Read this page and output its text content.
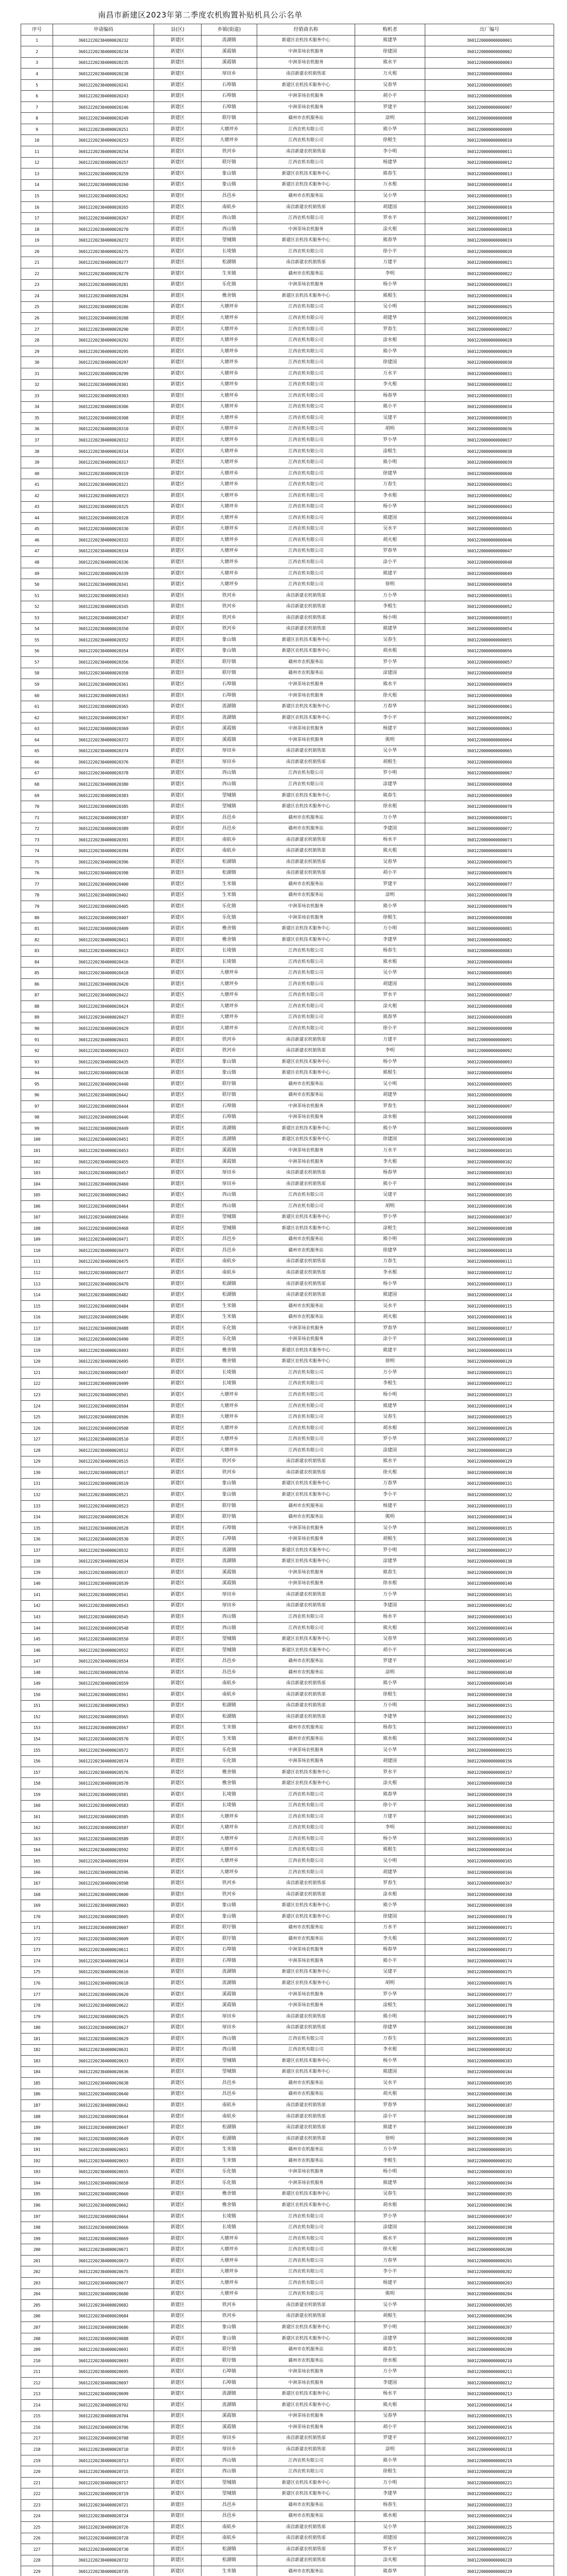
南昌市新建区2023年第二季度农机购置补贴机具公示名单
序号	申请编码	县(区)	乡镇(街道)	经销商名称	购机者	出厂编号
1	360122202304000020232	新建区	流湖镇	新建区农机技术服务中心	熊建华	3601220000000000001
2	360122202304000020234	新建区	溪霞镇	中洲茶场农机服务	徐建国	3601220000000000002
3	360122202304000020235	新建区	溪霞镇	中洲茶场农机服务	熊水平	3601220000000000003
4	360122202304000020238	新建区	厚田乡	南昌新建农机销售部	万火根	3601220000000000004
5	360122202304000020241	新建区	石埠镇	新建区农机技术服务中心	吴春华	3601220000000000005
6	360122202304000020243	新建区	石埠镇	中洲茶场农机服务	胡小平	3601220000000000006
7	360122202304000020246	新建区	石埠镇	中洲茶场农机服务	罗建平	3601220000000000007
8	360122202304000020249	新建区	联圩镇	赣州市农机服务站	涂明	3601220000000000008
9	360122202304000020251	新建区	大塘坪乡	江西农机有限公司	熊小华	3601220000000000009
10	360122202304000020253	新建区	大塘坪乡	江西农机有限公司	徐根生	3601220000000000010
11	360122202304000020254	新建区	铁河乡	南昌新建农机销售部	李小明	3601220000000000011
12	360122202304000020257	新建区	联圩镇	江西农机有限公司	杨建华	3601220000000000012
13	360122202304000020259	新建区	象山镇	新建区农机技术服务中心	熊春生	3601220000000000013
14	360122202304000020260	新建区	象山镇	新建区农机技术服务中心	万水根	3601220000000000014
15	360122202304000020262	新建区	昌邑乡	赣州市农机服务站	吴小华	3601220000000000015
16	360122202304000020265	新建区	南矶乡	南昌新建农机销售部	胡建国	3601220000000000016
17	360122202304000020267	新建区	西山镇	江西农机有限公司	罗水平	3601220000000000017
18	360122202304000020270	新建区	西山镇	中洲茶场农机服务	涂火根	3601220000000000018
19	360122202304000020272	新建区	望城镇	新建区农机技术服务中心	熊春华	3601220000000000019
20	360122202304000020275	新建区	长堎镇	江西农机有限公司	徐小平	3601220000000000020
21	360122202304000020277	新建区	松湖镇	南昌新建农机销售部	万建平	3601220000000000021
22	360122202304000020279	新建区	生米镇	赣州市农机服务站	李明	3601220000000000022
23	360122202304000020281	新建区	乐化镇	中洲茶场农机服务	杨小华	3601220000000000023
24	360122202304000020284	新建区	樵舍镇	新建区农机技术服务中心	熊根生	3601220000000000024
25	360122202304000020286	新建区	大塘坪乡	江西农机有限公司	吴小明	3601220000000000025
26	360122202304000020288	新建区	大塘坪乡	江西农机有限公司	胡建华	3601220000000000026
27	360122202304000020290	新建区	大塘坪乡	江西农机有限公司	罗春生	3601220000000000027
28	360122202304000020292	新建区	大塘坪乡	江西农机有限公司	涂水根	3601220000000000028
29	360122202304000020295	新建区	大塘坪乡	江西农机有限公司	熊小华	3601220000000000029
30	360122202304000020297	新建区	大塘坪乡	江西农机有限公司	徐建国	3601220000000000030
31	360122202304000020299	新建区	大塘坪乡	江西农机有限公司	万水平	3601220000000000031
32	360122202304000020301	新建区	大塘坪乡	江西农机有限公司	李火根	3601220000000000032
33	360122202304000020303	新建区	大塘坪乡	江西农机有限公司	杨春华	3601220000000000033
34	360122202304000020306	新建区	大塘坪乡	江西农机有限公司	熊小平	3601220000000000034
35	360122202304000020308	新建区	大塘坪乡	江西农机有限公司	吴建平	3601220000000000035
36	360122202304000020310	新建区	大塘坪乡	江西农机有限公司	胡明	3601220000000000036
37	360122202304000020312	新建区	大塘坪乡	江西农机有限公司	罗小华	3601220000000000037
38	360122202304000020314	新建区	大塘坪乡	江西农机有限公司	涂根生	3601220000000000038
39	360122202304000020317	新建区	大塘坪乡	江西农机有限公司	熊小明	3601220000000000039
40	360122202304000020319	新建区	大塘坪乡	江西农机有限公司	徐建华	3601220000000000040
41	360122202304000020321	新建区	大塘坪乡	江西农机有限公司	万春生	3601220000000000041
42	360122202304000020323	新建区	大塘坪乡	江西农机有限公司	李水根	3601220000000000042
43	360122202304000020325	新建区	大塘坪乡	江西农机有限公司	杨小华	3601220000000000043
44	360122202304000020328	新建区	大塘坪乡	江西农机有限公司	熊建国	3601220000000000044
45	360122202304000020330	新建区	大塘坪乡	江西农机有限公司	吴水平	3601220000000000045
46	360122202304000020332	新建区	大塘坪乡	江西农机有限公司	胡火根	3601220000000000046
47	360122202304000020334	新建区	大塘坪乡	江西农机有限公司	罗春华	3601220000000000047
48	360122202304000020336	新建区	大塘坪乡	江西农机有限公司	涂小平	3601220000000000048
49	360122202304000020339	新建区	大塘坪乡	江西农机有限公司	熊建平	3601220000000000049
50	360122202304000020341	新建区	大塘坪乡	江西农机有限公司	徐明	3601220000000000050
51	360122202304000020343	新建区	铁河乡	南昌新建农机销售部	万小华	3601220000000000051
52	360122202304000020345	新建区	铁河乡	南昌新建农机销售部	李根生	3601220000000000052
53	360122202304000020347	新建区	铁河乡	南昌新建农机销售部	杨小明	3601220000000000053
54	360122202304000020350	新建区	铁河乡	南昌新建农机销售部	熊建华	3601220000000000054
55	360122202304000020352	新建区	象山镇	新建区农机技术服务中心	吴春生	3601220000000000055
56	360122202304000020354	新建区	象山镇	新建区农机技术服务中心	胡水根	3601220000000000056
57	360122202304000020356	新建区	联圩镇	赣州市农机服务站	罗小华	3601220000000000057
58	360122202304000020358	新建区	联圩镇	赣州市农机服务站	涂建国	3601220000000000058
59	360122202304000020361	新建区	石埠镇	中洲茶场农机服务	熊水平	3601220000000000059
60	360122202304000020363	新建区	石埠镇	中洲茶场农机服务	徐火根	3601220000000000060
61	360122202304000020365	新建区	流湖镇	新建区农机技术服务中心	万春华	3601220000000000061
62	360122202304000020367	新建区	流湖镇	新建区农机技术服务中心	李小平	3601220000000000062
63	360122202304000020369	新建区	溪霞镇	中洲茶场农机服务	杨建平	3601220000000000063
64	360122202304000020372	新建区	溪霞镇	中洲茶场农机服务	熊明	3601220000000000064
65	360122202304000020374	新建区	厚田乡	南昌新建农机销售部	吴小华	3601220000000000065
66	360122202304000020376	新建区	厚田乡	南昌新建农机销售部	胡根生	3601220000000000066
67	360122202304000020378	新建区	西山镇	江西农机有限公司	罗小明	3601220000000000067
68	360122202304000020380	新建区	西山镇	江西农机有限公司	涂建华	3601220000000000068
69	360122202304000020383	新建区	望城镇	新建区农机技术服务中心	熊春生	3601220000000000069
70	360122202304000020385	新建区	望城镇	新建区农机技术服务中心	徐水根	3601220000000000070
71	360122202304000020387	新建区	昌邑乡	赣州市农机服务站	万小华	3601220000000000071
72	360122202304000020389	新建区	昌邑乡	赣州市农机服务站	李建国	3601220000000000072
73	360122202304000020391	新建区	南矶乡	南昌新建农机销售部	杨水平	3601220000000000073
74	360122202304000020394	新建区	南矶乡	南昌新建农机销售部	熊火根	3601220000000000074
75	360122202304000020396	新建区	松湖镇	南昌新建农机销售部	吴春华	3601220000000000075
76	360122202304000020398	新建区	松湖镇	南昌新建农机销售部	胡小平	3601220000000000076
77	360122202304000020400	新建区	生米镇	赣州市农机服务站	罗建平	3601220000000000077
78	360122202304000020402	新建区	生米镇	赣州市农机服务站	涂明	3601220000000000078
79	360122202304000020405	新建区	乐化镇	中洲茶场农机服务	熊小华	3601220000000000079
80	360122202304000020407	新建区	乐化镇	中洲茶场农机服务	徐根生	3601220000000000080
81	360122202304000020409	新建区	樵舍镇	新建区农机技术服务中心	万小明	3601220000000000081
82	360122202304000020411	新建区	樵舍镇	新建区农机技术服务中心	李建华	3601220000000000082
83	360122202304000020413	新建区	长堎镇	江西农机有限公司	杨春生	3601220000000000083
84	360122202304000020416	新建区	长堎镇	江西农机有限公司	熊水根	3601220000000000084
85	360122202304000020418	新建区	大塘坪乡	江西农机有限公司	吴小华	3601220000000000085
86	360122202304000020420	新建区	大塘坪乡	江西农机有限公司	胡建国	3601220000000000086
87	360122202304000020422	新建区	大塘坪乡	江西农机有限公司	罗水平	3601220000000000087
88	360122202304000020424	新建区	大塘坪乡	江西农机有限公司	涂火根	3601220000000000088
89	360122202304000020427	新建区	大塘坪乡	江西农机有限公司	熊春华	3601220000000000089
90	360122202304000020429	新建区	大塘坪乡	江西农机有限公司	徐小平	3601220000000000090
91	360122202304000020431	新建区	铁河乡	南昌新建农机销售部	万建平	3601220000000000091
92	360122202304000020433	新建区	铁河乡	南昌新建农机销售部	李明	3601220000000000092
93	360122202304000020435	新建区	象山镇	新建区农机技术服务中心	杨小华	3601220000000000093
94	360122202304000020438	新建区	象山镇	新建区农机技术服务中心	熊根生	3601220000000000094
95	360122202304000020440	新建区	联圩镇	赣州市农机服务站	吴小明	3601220000000000095
96	360122202304000020442	新建区	联圩镇	赣州市农机服务站	胡建华	3601220000000000096
97	360122202304000020444	新建区	石埠镇	中洲茶场农机服务	罗春生	3601220000000000097
98	360122202304000020446	新建区	石埠镇	中洲茶场农机服务	涂水根	3601220000000000098
99	360122202304000020449	新建区	流湖镇	新建区农机技术服务中心	熊小华	3601220000000000099
100	360122202304000020451	新建区	流湖镇	新建区农机技术服务中心	徐建国	3601220000000000100
101	360122202304000020453	新建区	溪霞镇	中洲茶场农机服务	万水平	3601220000000000101
102	360122202304000020455	新建区	溪霞镇	中洲茶场农机服务	李火根	3601220000000000102
103	360122202304000020457	新建区	厚田乡	南昌新建农机销售部	杨春华	3601220000000000103
104	360122202304000020460	新建区	厚田乡	南昌新建农机销售部	熊小平	3601220000000000104
105	360122202304000020462	新建区	西山镇	江西农机有限公司	吴建平	3601220000000000105
106	360122202304000020464	新建区	西山镇	江西农机有限公司	胡明	3601220000000000106
107	360122202304000020466	新建区	望城镇	新建区农机技术服务中心	罗小华	3601220000000000107
108	360122202304000020468	新建区	望城镇	新建区农机技术服务中心	涂根生	3601220000000000108
109	360122202304000020471	新建区	昌邑乡	赣州市农机服务站	熊小明	3601220000000000109
110	360122202304000020473	新建区	昌邑乡	赣州市农机服务站	徐建华	3601220000000000110
111	360122202304000020475	新建区	南矶乡	南昌新建农机销售部	万春生	3601220000000000111
112	360122202304000020477	新建区	南矶乡	南昌新建农机销售部	李水根	3601220000000000112
113	360122202304000020479	新建区	松湖镇	南昌新建农机销售部	杨小华	3601220000000000113
114	360122202304000020482	新建区	松湖镇	南昌新建农机销售部	熊建国	3601220000000000114
115	360122202304000020484	新建区	生米镇	赣州市农机服务站	吴水平	3601220000000000115
116	360122202304000020486	新建区	生米镇	赣州市农机服务站	胡火根	3601220000000000116
117	360122202304000020488	新建区	乐化镇	中洲茶场农机服务	罗春华	3601220000000000117
118	360122202304000020490	新建区	乐化镇	中洲茶场农机服务	涂小平	3601220000000000118
119	360122202304000020493	新建区	樵舍镇	新建区农机技术服务中心	熊建平	3601220000000000119
120	360122202304000020495	新建区	樵舍镇	新建区农机技术服务中心	徐明	3601220000000000120
121	360122202304000020497	新建区	长堎镇	江西农机有限公司	万小华	3601220000000000121
122	360122202304000020499	新建区	长堎镇	江西农机有限公司	李根生	3601220000000000122
123	360122202304000020501	新建区	大塘坪乡	江西农机有限公司	杨小明	3601220000000000123
124	360122202304000020504	新建区	大塘坪乡	江西农机有限公司	熊建华	3601220000000000124
125	360122202304000020506	新建区	大塘坪乡	江西农机有限公司	吴春生	3601220000000000125
126	360122202304000020508	新建区	大塘坪乡	江西农机有限公司	胡水根	3601220000000000126
127	360122202304000020510	新建区	大塘坪乡	江西农机有限公司	罗小华	3601220000000000127
128	360122202304000020512	新建区	大塘坪乡	江西农机有限公司	涂建国	3601220000000000128
129	360122202304000020515	新建区	铁河乡	南昌新建农机销售部	熊水平	3601220000000000129
130	360122202304000020517	新建区	铁河乡	南昌新建农机销售部	徐火根	3601220000000000130
131	360122202304000020519	新建区	象山镇	新建区农机技术服务中心	万春华	3601220000000000131
132	360122202304000020521	新建区	象山镇	新建区农机技术服务中心	李小平	3601220000000000132
133	360122202304000020523	新建区	联圩镇	赣州市农机服务站	杨建平	3601220000000000133
134	360122202304000020526	新建区	联圩镇	赣州市农机服务站	熊明	3601220000000000134
135	360122202304000020528	新建区	石埠镇	中洲茶场农机服务	吴小华	3601220000000000135
136	360122202304000020530	新建区	石埠镇	中洲茶场农机服务	胡根生	3601220000000000136
137	360122202304000020532	新建区	流湖镇	新建区农机技术服务中心	罗小明	3601220000000000137
138	360122202304000020534	新建区	流湖镇	新建区农机技术服务中心	涂建华	3601220000000000138
139	360122202304000020537	新建区	溪霞镇	中洲茶场农机服务	熊春生	3601220000000000139
140	360122202304000020539	新建区	溪霞镇	中洲茶场农机服务	徐水根	3601220000000000140
141	360122202304000020541	新建区	厚田乡	南昌新建农机销售部	万小华	3601220000000000141
142	360122202304000020543	新建区	厚田乡	南昌新建农机销售部	李建国	3601220000000000142
143	360122202304000020545	新建区	西山镇	江西农机有限公司	杨水平	3601220000000000143
144	360122202304000020548	新建区	西山镇	江西农机有限公司	熊火根	3601220000000000144
145	360122202304000020550	新建区	望城镇	新建区农机技术服务中心	吴春华	3601220000000000145
146	360122202304000020552	新建区	望城镇	新建区农机技术服务中心	胡小平	3601220000000000146
147	360122202304000020554	新建区	昌邑乡	赣州市农机服务站	罗建平	3601220000000000147
148	360122202304000020556	新建区	昌邑乡	赣州市农机服务站	涂明	3601220000000000148
149	360122202304000020559	新建区	南矶乡	南昌新建农机销售部	熊小华	3601220000000000149
150	360122202304000020561	新建区	南矶乡	南昌新建农机销售部	徐根生	3601220000000000150
151	360122202304000020563	新建区	松湖镇	南昌新建农机销售部	万小明	3601220000000000151
152	360122202304000020565	新建区	松湖镇	南昌新建农机销售部	李建华	3601220000000000152
153	360122202304000020567	新建区	生米镇	赣州市农机服务站	杨春生	3601220000000000153
154	360122202304000020570	新建区	生米镇	赣州市农机服务站	熊水根	3601220000000000154
155	360122202304000020572	新建区	乐化镇	中洲茶场农机服务	吴小华	3601220000000000155
156	360122202304000020574	新建区	乐化镇	中洲茶场农机服务	胡建国	3601220000000000156
157	360122202304000020576	新建区	樵舍镇	新建区农机技术服务中心	罗水平	3601220000000000157
158	360122202304000020578	新建区	樵舍镇	新建区农机技术服务中心	涂火根	3601220000000000158
159	360122202304000020581	新建区	长堎镇	江西农机有限公司	熊春华	3601220000000000159
160	360122202304000020583	新建区	长堎镇	江西农机有限公司	徐小平	3601220000000000160
161	360122202304000020585	新建区	大塘坪乡	江西农机有限公司	万建平	3601220000000000161
162	360122202304000020587	新建区	大塘坪乡	江西农机有限公司	李明	3601220000000000162
163	360122202304000020589	新建区	大塘坪乡	江西农机有限公司	杨小华	3601220000000000163
164	360122202304000020592	新建区	大塘坪乡	江西农机有限公司	熊根生	3601220000000000164
165	360122202304000020594	新建区	大塘坪乡	江西农机有限公司	吴小明	3601220000000000165
166	360122202304000020596	新建区	大塘坪乡	江西农机有限公司	胡建华	3601220000000000166
167	360122202304000020598	新建区	铁河乡	南昌新建农机销售部	罗春生	3601220000000000167
168	360122202304000020600	新建区	铁河乡	南昌新建农机销售部	涂水根	3601220000000000168
169	360122202304000020603	新建区	象山镇	新建区农机技术服务中心	熊小华	3601220000000000169
170	360122202304000020605	新建区	象山镇	新建区农机技术服务中心	徐建国	3601220000000000170
171	360122202304000020607	新建区	联圩镇	赣州市农机服务站	万水平	3601220000000000171
172	360122202304000020609	新建区	联圩镇	赣州市农机服务站	李火根	3601220000000000172
173	360122202304000020611	新建区	石埠镇	中洲茶场农机服务	杨春华	3601220000000000173
174	360122202304000020614	新建区	石埠镇	中洲茶场农机服务	熊小平	3601220000000000174
175	360122202304000020616	新建区	流湖镇	新建区农机技术服务中心	吴建平	3601220000000000175
176	360122202304000020618	新建区	流湖镇	新建区农机技术服务中心	胡明	3601220000000000176
177	360122202304000020620	新建区	溪霞镇	中洲茶场农机服务	罗小华	3601220000000000177
178	360122202304000020622	新建区	溪霞镇	中洲茶场农机服务	涂根生	3601220000000000178
179	360122202304000020625	新建区	厚田乡	南昌新建农机销售部	熊小明	3601220000000000179
180	360122202304000020627	新建区	厚田乡	南昌新建农机销售部	徐建华	3601220000000000180
181	360122202304000020629	新建区	西山镇	江西农机有限公司	万春生	3601220000000000181
182	360122202304000020631	新建区	西山镇	江西农机有限公司	李水根	3601220000000000182
183	360122202304000020633	新建区	望城镇	新建区农机技术服务中心	杨小华	3601220000000000183
184	360122202304000020636	新建区	望城镇	新建区农机技术服务中心	熊建国	3601220000000000184
185	360122202304000020638	新建区	昌邑乡	赣州市农机服务站	吴水平	3601220000000000185
186	360122202304000020640	新建区	昌邑乡	赣州市农机服务站	胡火根	3601220000000000186
187	360122202304000020642	新建区	南矶乡	南昌新建农机销售部	罗春华	3601220000000000187
188	360122202304000020644	新建区	南矶乡	南昌新建农机销售部	涂小平	3601220000000000188
189	360122202304000020647	新建区	松湖镇	南昌新建农机销售部	熊建平	3601220000000000189
190	360122202304000020649	新建区	松湖镇	南昌新建农机销售部	徐明	3601220000000000190
191	360122202304000020651	新建区	生米镇	赣州市农机服务站	万小华	3601220000000000191
192	360122202304000020653	新建区	生米镇	赣州市农机服务站	李根生	3601220000000000192
193	360122202304000020655	新建区	乐化镇	中洲茶场农机服务	杨小明	3601220000000000193
194	360122202304000020658	新建区	乐化镇	中洲茶场农机服务	熊建华	3601220000000000194
195	360122202304000020660	新建区	樵舍镇	新建区农机技术服务中心	吴春生	3601220000000000195
196	360122202304000020662	新建区	樵舍镇	新建区农机技术服务中心	胡水根	3601220000000000196
197	360122202304000020664	新建区	长堎镇	江西农机有限公司	罗小华	3601220000000000197
198	360122202304000020666	新建区	长堎镇	江西农机有限公司	涂建国	3601220000000000198
199	360122202304000020669	新建区	大塘坪乡	江西农机有限公司	熊水平	3601220000000000199
200	360122202304000020671	新建区	大塘坪乡	江西农机有限公司	徐火根	3601220000000000200
201	360122202304000020673	新建区	大塘坪乡	江西农机有限公司	万春华	3601220000000000201
202	360122202304000020675	新建区	大塘坪乡	江西农机有限公司	李小平	3601220000000000202
203	360122202304000020677	新建区	大塘坪乡	江西农机有限公司	杨建平	3601220000000000203
204	360122202304000020680	新建区	大塘坪乡	江西农机有限公司	熊明	3601220000000000204
205	360122202304000020682	新建区	铁河乡	南昌新建农机销售部	吴小华	3601220000000000205
206	360122202304000020684	新建区	铁河乡	南昌新建农机销售部	胡根生	3601220000000000206
207	360122202304000020686	新建区	象山镇	新建区农机技术服务中心	罗小明	3601220000000000207
208	360122202304000020688	新建区	象山镇	新建区农机技术服务中心	涂建华	3601220000000000208
209	360122202304000020691	新建区	联圩镇	赣州市农机服务站	熊春生	3601220000000000209
210	360122202304000020693	新建区	联圩镇	赣州市农机服务站	徐水根	3601220000000000210
211	360122202304000020695	新建区	石埠镇	中洲茶场农机服务	万小华	3601220000000000211
212	360122202304000020697	新建区	石埠镇	中洲茶场农机服务	李建国	3601220000000000212
213	360122202304000020699	新建区	流湖镇	新建区农机技术服务中心	杨水平	3601220000000000213
214	360122202304000020702	新建区	流湖镇	新建区农机技术服务中心	熊火根	3601220000000000214
215	360122202304000020704	新建区	溪霞镇	中洲茶场农机服务	吴春华	3601220000000000215
216	360122202304000020706	新建区	溪霞镇	中洲茶场农机服务	胡小平	3601220000000000216
217	360122202304000020708	新建区	厚田乡	南昌新建农机销售部	罗建平	3601220000000000217
218	360122202304000020710	新建区	厚田乡	南昌新建农机销售部	涂明	3601220000000000218
219	360122202304000020713	新建区	西山镇	江西农机有限公司	熊小华	3601220000000000219
220	360122202304000020715	新建区	西山镇	江西农机有限公司	徐根生	3601220000000000220
221	360122202304000020717	新建区	望城镇	新建区农机技术服务中心	万小明	3601220000000000221
222	360122202304000020719	新建区	望城镇	新建区农机技术服务中心	李建华	3601220000000000222
223	360122202304000020721	新建区	昌邑乡	赣州市农机服务站	杨春生	3601220000000000223
224	360122202304000020724	新建区	昌邑乡	赣州市农机服务站	熊水根	3601220000000000224
225	360122202304000020726	新建区	南矶乡	南昌新建农机销售部	吴小华	3601220000000000225
226	360122202304000020728	新建区	南矶乡	南昌新建农机销售部	胡建国	3601220000000000226
227	360122202304000020730	新建区	松湖镇	南昌新建农机销售部	罗水平	3601220000000000227
228	360122202304000020732	新建区	松湖镇	南昌新建农机销售部	涂火根	3601220000000000228
229	360122202304000020735	新建区	生米镇	赣州市农机服务站	熊春华	3601220000000000229
